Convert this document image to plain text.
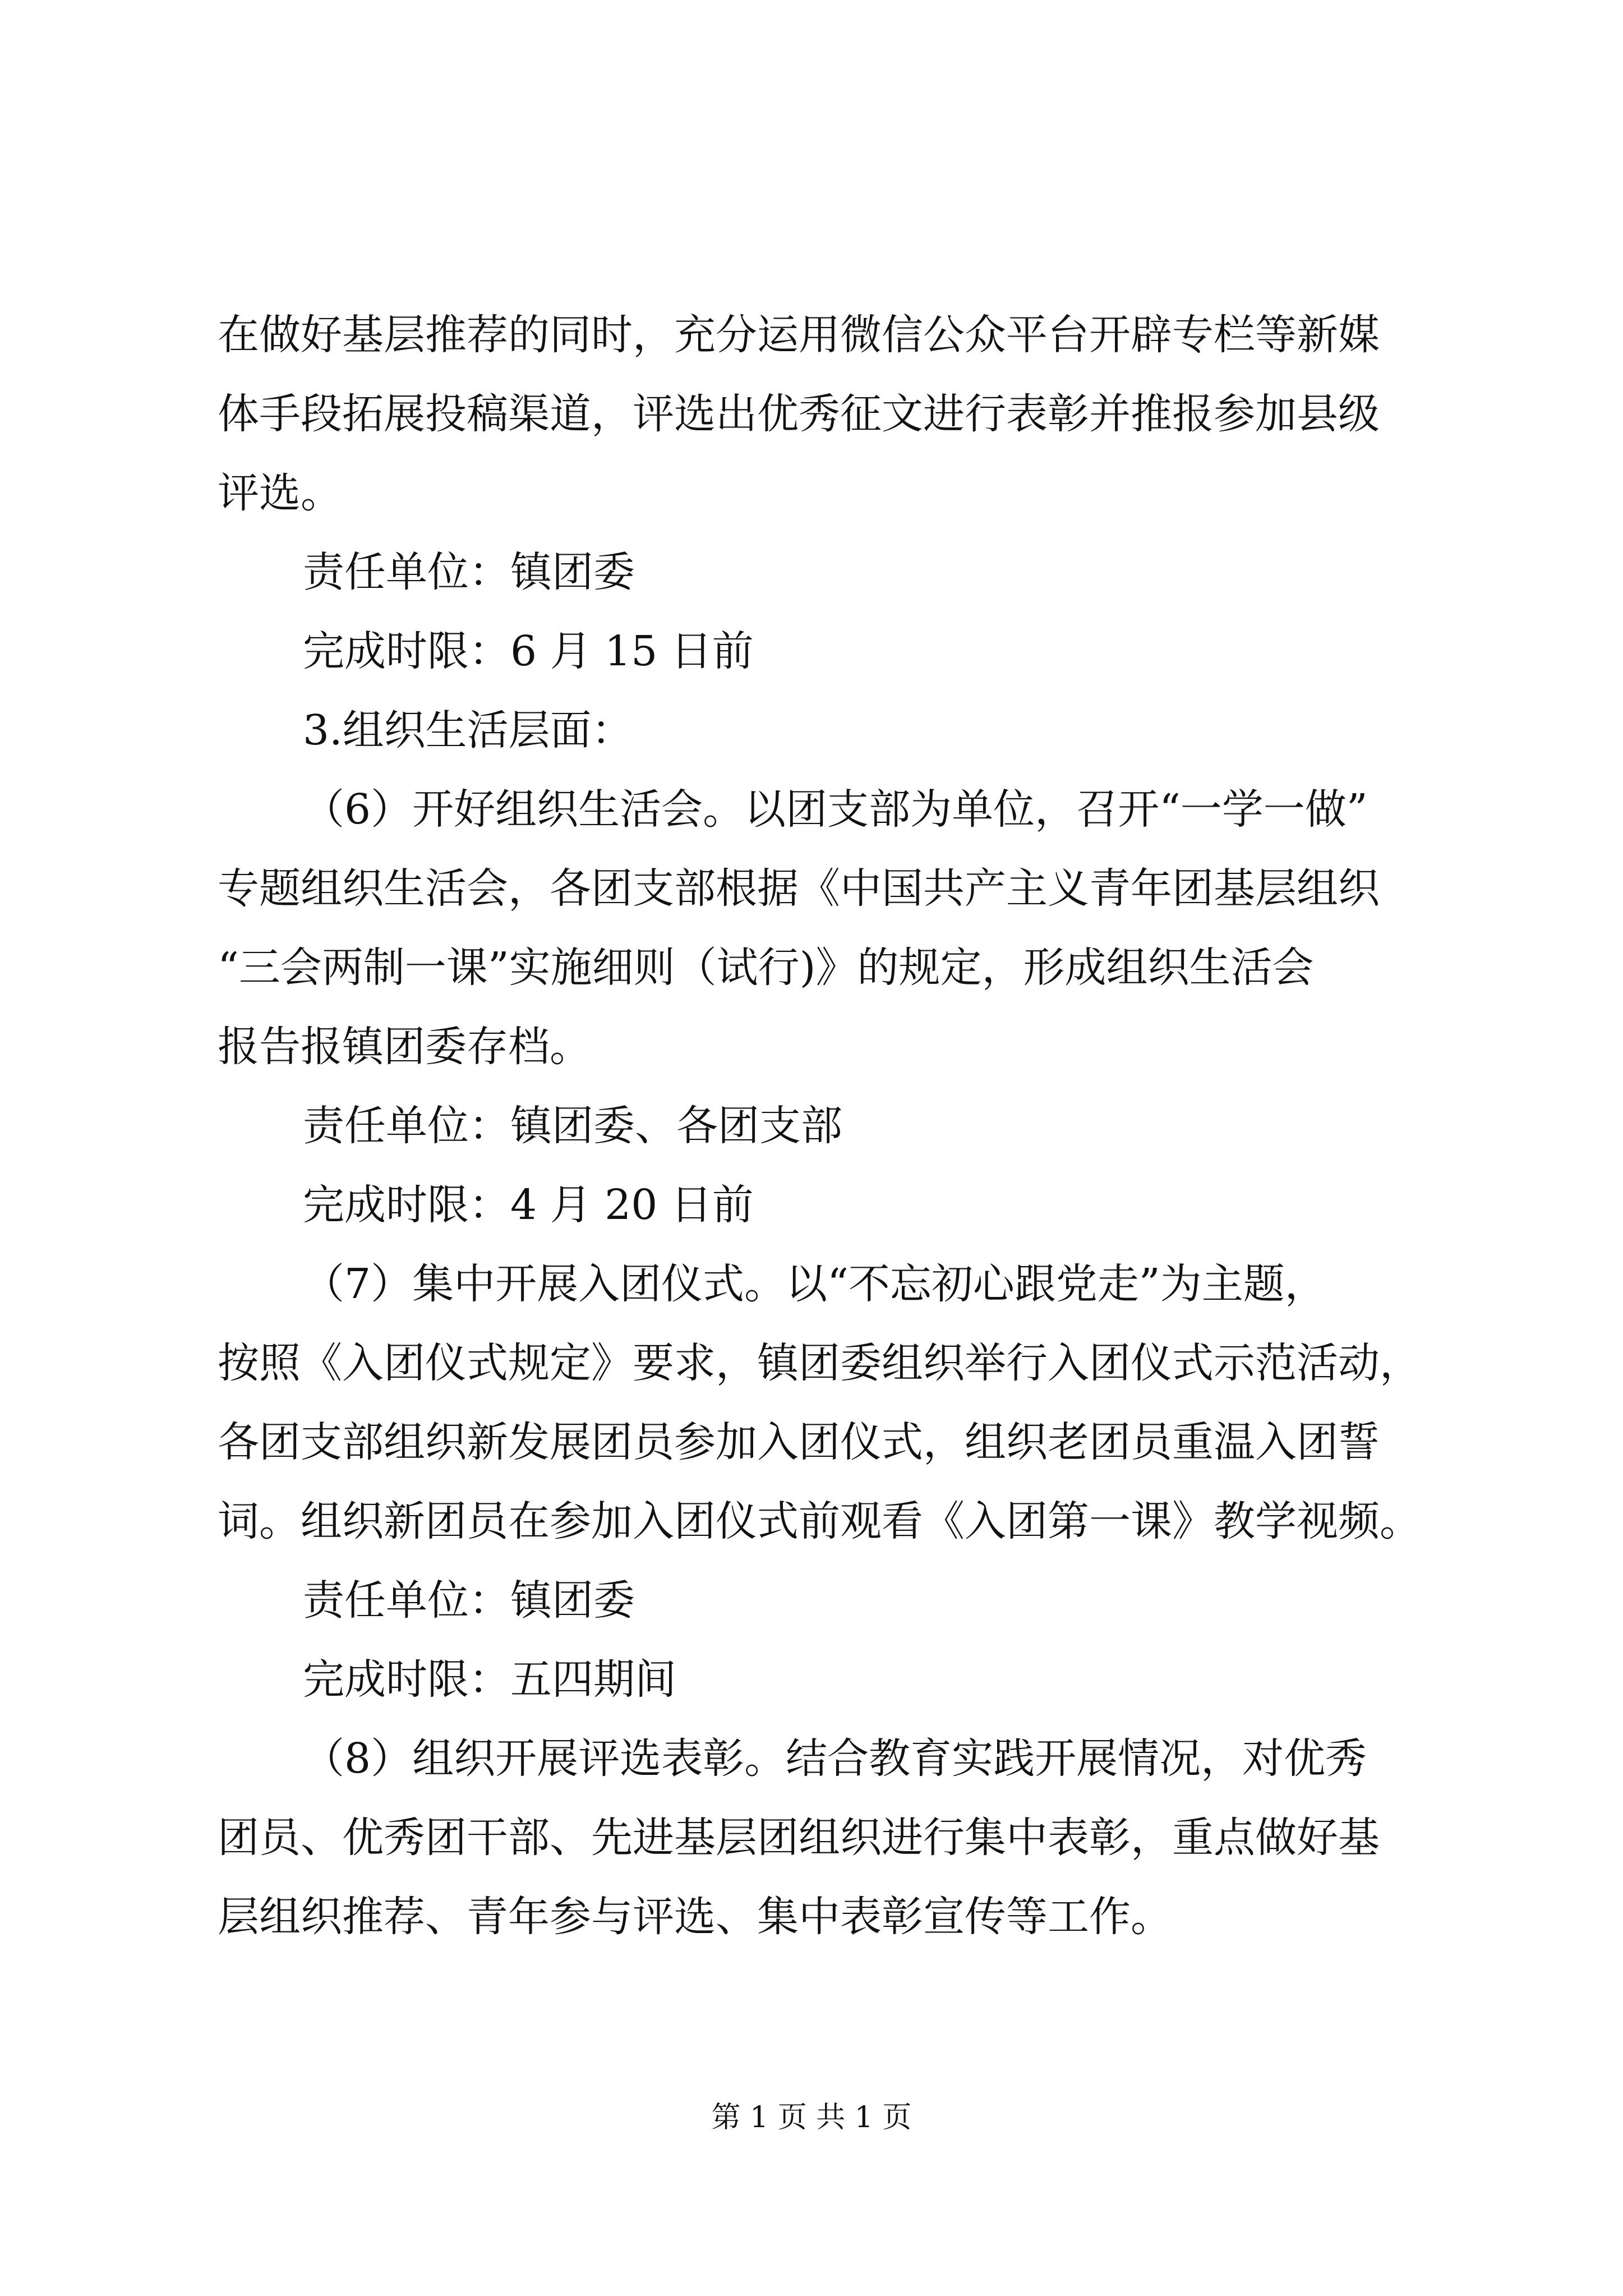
在做好基层推荐的同时，充分运用微信公众平台开辟专栏等新媒
体手段拓展投稿渠道，评选出优秀征文进行表彰并推报参加县级
评选。
责任单位：镇团委
完成时限：6 月 15 日前
3.组织生活层面：
（6）开好组织生活会。以团支部为单位，召开“一学一做”
专题组织生活会，各团支部根据《中国共产主义青年团基层组织
“三会两制一课”实施细则（试行)》的规定，形成组织生活会
报告报镇团委存档。
责任单位：镇团委、各团支部
完成时限：4 月 20 日前
（7）集中开展入团仪式。以“不忘初心跟党走”为主题，
按照《入团仪式规定》要求，镇团委组织举行入团仪式示范活动，
各团支部组织新发展团员参加入团仪式，组织老团员重温入团誓
词。组织新团员在参加入团仪式前观看《入团第一课》教学视频。
责任单位：镇团委
完成时限：五四期间
（8）组织开展评选表彰。结合教育实践开展情况，对优秀
团员、优秀团干部、先进基层团组织进行集中表彰，重点做好基
层组织推荐、青年参与评选、集中表彰宣传等工作。
第 1 页 共 1 页
